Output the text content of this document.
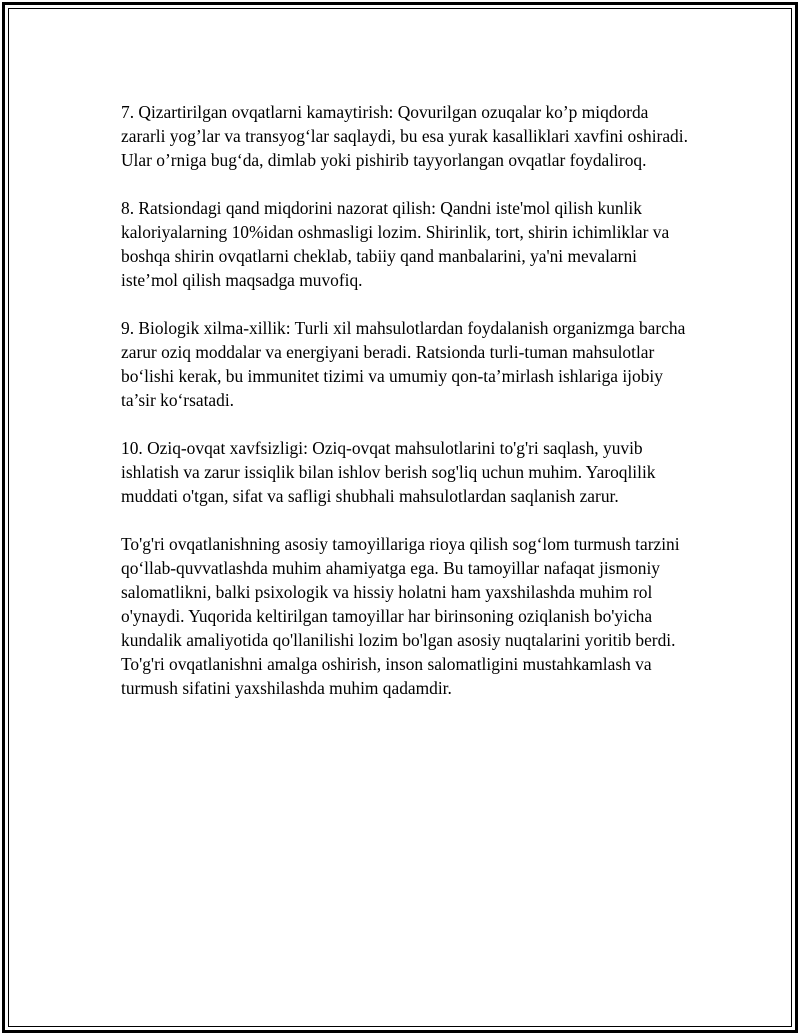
7. Qizartirilgan ovqatlarni kamaytirish: Qovurilgan ozuqalar ko’p miqdorda zararli yog’lar va transyog‘lar saqlaydi, bu esa yurak kasalliklari xavfini oshiradi. Ular o’rniga bug‘da, dimlab yoki pishirib tayyorlangan ovqatlar foydaliroq.

8. Ratsiondagi qand miqdorini nazorat qilish: Qandni iste'mol qilish kunlik kaloriyalarning 10%idan oshmasligi lozim. Shirinlik, tort, shirin ichimliklar va boshqa shirin ovqatlarni cheklab, tabiiy qand manbalarini, ya'ni mevalarni iste’mol qilish maqsadga muvofiq.

9. Biologik xilma-xillik: Turli xil mahsulotlardan foydalanish organizmga barcha zarur oziq moddalar va energiyani beradi. Ratsionda turli-tuman mahsulotlar bo‘lishi kerak, bu immunitet tizimi va umumiy qon-ta’mirlash ishlariga ijobiy ta’sir ko‘rsatadi.

10. Oziq-ovqat xavfsizligi: Oziq-ovqat mahsulotlarini to'g'ri saqlash, yuvib ishlatish va zarur issiqlik bilan ishlov berish sog'liq uchun muhim. Yaroqlilik muddati o'tgan, sifat va safligi shubhali mahsulotlardan saqlanish zarur.

To'g'ri ovqatlanishning asosiy tamoyillariga rioya qilish sog‘lom turmush tarzini qo‘llab-quvvatlashda muhim ahamiyatga ega. Bu tamoyillar nafaqat jismoniy salomatlikni, balki psixologik va hissiy holatni ham yaxshilashda muhim rol o'ynaydi. Yuqorida keltirilgan tamoyillar har birinsoning oziqlanish bo'yicha kundalik amaliyotida qo'llanilishi lozim bo'lgan asosiy nuqtalarini yoritib berdi. To'g'ri ovqatlanishni amalga oshirish, inson salomatligini mustahkamlash va turmush sifatini yaxshilashda muhim qadamdir.
